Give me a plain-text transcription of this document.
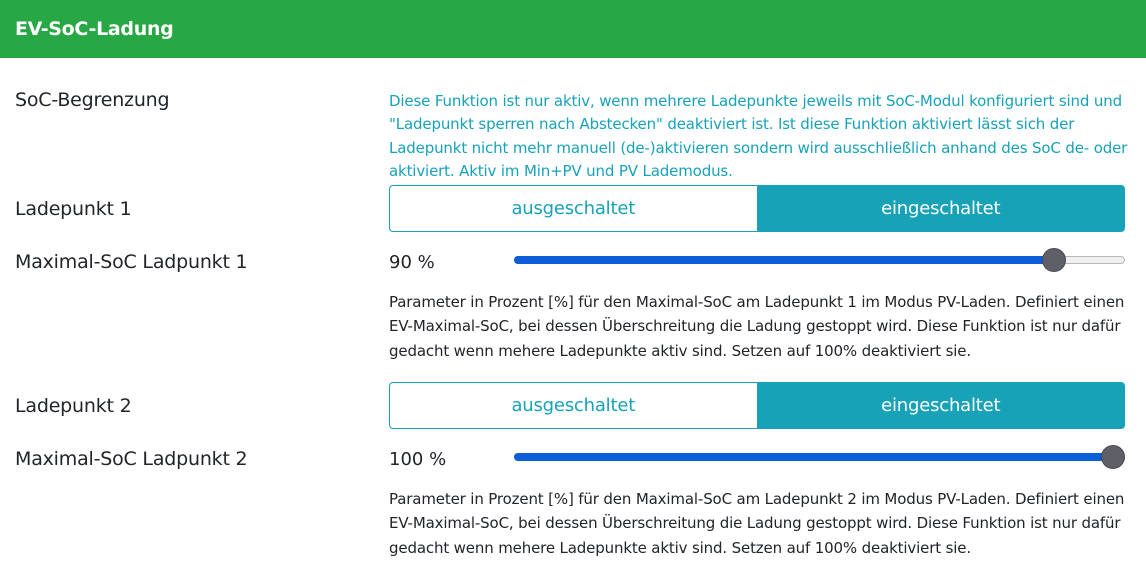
EV-SoC-Ladung
SoC-Begrenzung	Diese Funktion ist nur aktiv, wenn mehrere Ladepunkte jeweils mit SoC-Modul konfiguriert sind und "Ladepunkt sperren nach Abstecken" deaktiviert ist. Ist diese Funktion aktiviert lässt sich der Ladepunkt nicht mehr manuell (de-)aktivieren sondern wird ausschließlich anhand des SoC de- oder aktiviert. Aktiv im Min+PV und PV Lademodus.
Ladepunkt 1	ausgeschaltet	eingeschaltet
Maximal-SoC Ladpunkt 1	90 %
Parameter in Prozent [%] für den Maximal-SoC am Ladepunkt 1 im Modus PV-Laden. Definiert einen EV-Maximal-SoC, bei dessen Überschreitung die Ladung gestoppt wird. Diese Funktion ist nur dafür gedacht wenn mehere Ladepunkte aktiv sind. Setzen auf 100% deaktiviert sie.
Ladepunkt 2	ausgeschaltet	eingeschaltet
Maximal-SoC Ladpunkt 2	100 %
Parameter in Prozent [%] für den Maximal-SoC am Ladepunkt 2 im Modus PV-Laden. Definiert einen EV-Maximal-SoC, bei dessen Überschreitung die Ladung gestoppt wird. Diese Funktion ist nur dafür gedacht wenn mehere Ladepunkte aktiv sind. Setzen auf 100% deaktiviert sie.
